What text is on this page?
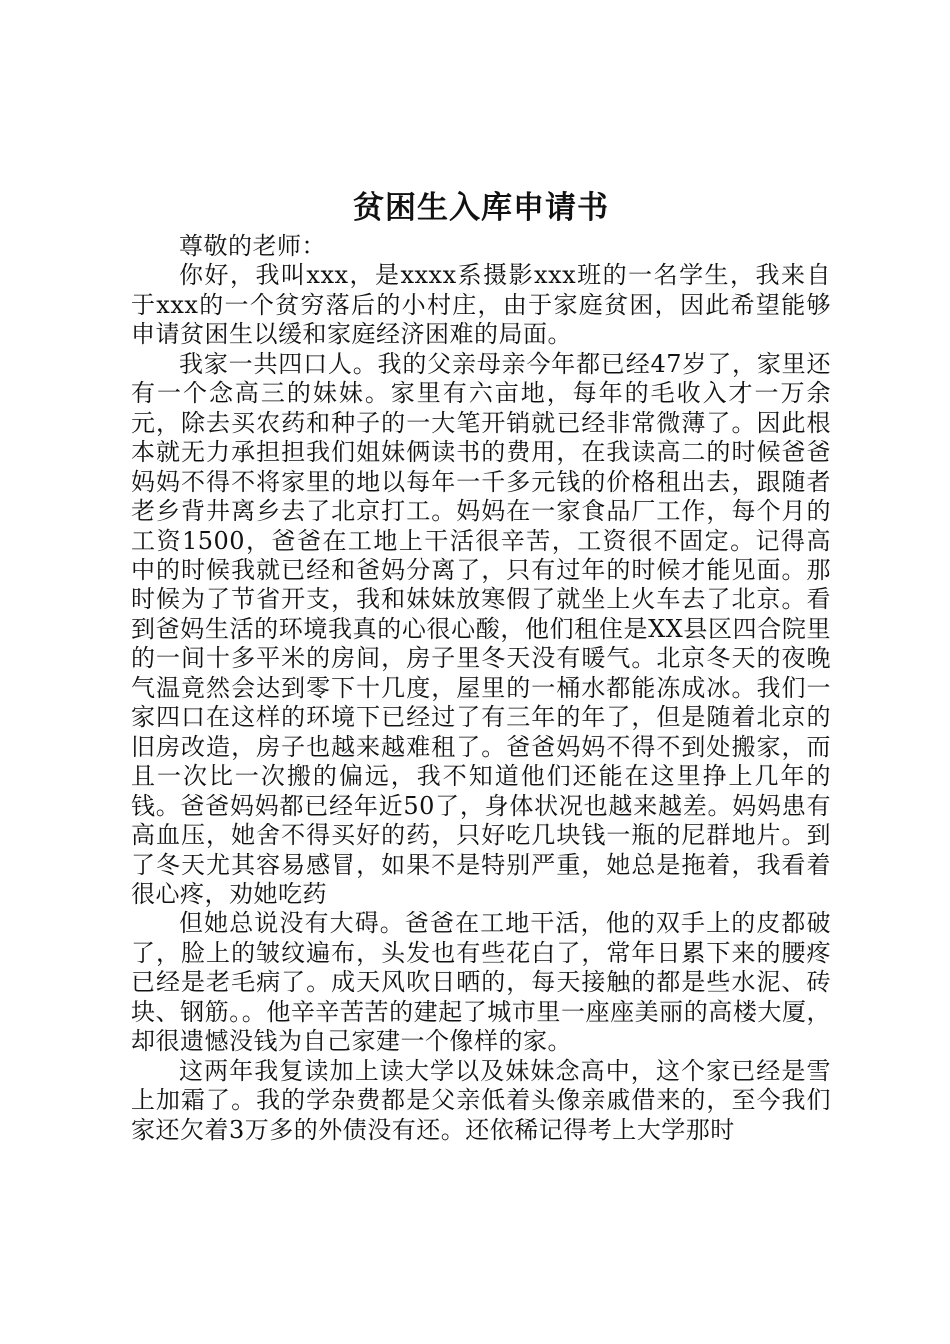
贫困生入库申请书

尊敬的老师：

你好，我叫xxx，是xxxx系摄影xxx班的一名学生，我来自于xxx的一个贫穷落后的小村庄，由于家庭贫困，因此希望能够申请贫困生以缓和家庭经济困难的局面。

我家一共四口人。我的父亲母亲今年都已经47岁了，家里还有一个念高三的妹妹。家里有六亩地，每年的毛收入才一万余元，除去买农药和种子的一大笔开销就已经非常微薄了。因此根本就无力承担担我们姐妹俩读书的费用，在我读高二的时候爸爸妈妈不得不将家里的地以每年一千多元钱的价格租出去，跟随者老乡背井离乡去了北京打工。妈妈在一家食品厂工作，每个月的工资1500，爸爸在工地上干活很辛苦，工资很不固定。记得高中的时候我就已经和爸妈分离了，只有过年的时候才能见面。那时候为了节省开支，我和妹妹放寒假了就坐上火车去了北京。看到爸妈生活的环境我真的心很心酸，他们租住是XX县区四合院里的一间十多平米的房间，房子里冬天没有暖气。北京冬天的夜晚气温竟然会达到零下十几度，屋里的一桶水都能冻成冰。我们一家四口在这样的环境下已经过了有三年的年了，但是随着北京的旧房改造，房子也越来越难租了。爸爸妈妈不得不到处搬家，而且一次比一次搬的偏远，我不知道他们还能在这里挣上几年的钱。爸爸妈妈都已经年近50了，身体状况也越来越差。妈妈患有高血压，她舍不得买好的药，只好吃几块钱一瓶的尼群地片。到了冬天尤其容易感冒，如果不是特别严重，她总是拖着，我看着很心疼，劝她吃药

但她总说没有大碍。爸爸在工地干活，他的双手上的皮都破了，脸上的皱纹遍布，头发也有些花白了，常年日累下来的腰疼已经是老毛病了。成天风吹日晒的，每天接触的都是些水泥、砖块、钢筋。。他辛辛苦苦的建起了城市里一座座美丽的高楼大厦，却很遗憾没钱为自己家建一个像样的家。

这两年我复读加上读大学以及妹妹念高中，这个家已经是雪上加霜了。我的学杂费都是父亲低着头像亲戚借来的，至今我们家还欠着3万多的外债没有还。还依稀记得考上大学那时
